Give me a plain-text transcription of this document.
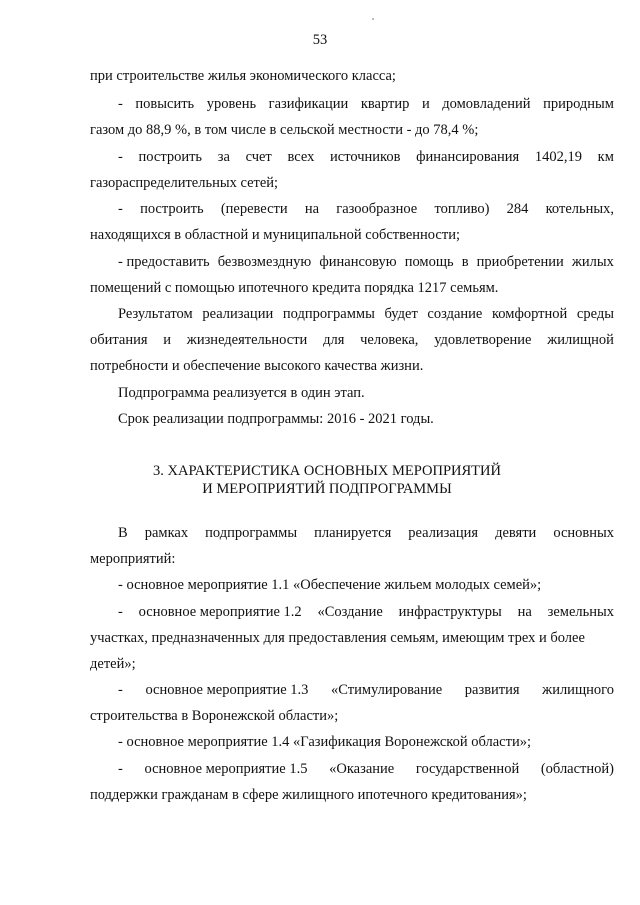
53
при строительстве жилья экономического класса;
- повысить уровень газификации квартир и домовладений природным
газом до 88,9 %, в том числе в сельской местности - до 78,4 %;
- построить за счет всех источников финансирования 1402,19 км
газораспределительных сетей;
- построить (перевести на газообразное топливо) 284 котельных,
находящихся в областной и муниципальной собственности;
- предоставить безвозмездную финансовую помощь в приобретении жилых
помещений с помощью ипотечного кредита порядка 1217 семьям.
Результатом реализации подпрограммы будет создание комфортной среды
обитания и жизнедеятельности для человека, удовлетворение жилищной
потребности и обеспечение высокого качества жизни.
Подпрограмма реализуется в один этап.
Срок реализации подпрограммы: 2016 - 2021 годы.
3. ХАРАКТЕРИСТИКА ОСНОВНЫХ МЕРОПРИЯТИЙ
И МЕРОПРИЯТИЙ ПОДПРОГРАММЫ
В рамках подпрограммы планируется реализация девяти основных
мероприятий:
- основное мероприятие 1.1 «Обеспечение жильем молодых семей»;
- основное мероприятие 1.2 «Создание инфраструктуры на земельных
участках, предназначенных для предоставления семьям, имеющим трех и более
детей»;
- основное мероприятие 1.3 «Стимулирование развития жилищного
строительства в Воронежской области»;
- основное мероприятие 1.4 «Газификация Воронежской области»;
- основное мероприятие 1.5 «Оказание государственной (областной)
поддержки гражданам в сфере жилищного ипотечного кредитования»;
